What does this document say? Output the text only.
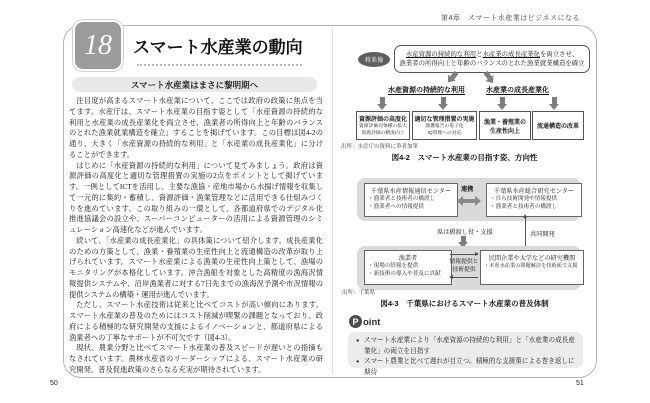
第4章　スマート水産業はビジネスになる
18 スマート水産業の動向
スマート水産業はまさに黎明期へ

注目度が高まるスマート水産業について、ここでは政府の政策に焦点を当てます。水産庁は、スマート水産業の目指す姿として「水産資源の持続的な利用と水産業の成長産業化を両立させ、漁業者の所得向上と年齢のバランスのとれた漁業就業構造を確立」することを掲げています。この目標は図4-2の通り、大きく「水産資源の持続的な利用」と「水産業の成長産業化」に分けることができます。

はじめに「水産資源の持続的な利用」について見てみましょう。政府は資源評価の高度化と適切な管理措置の実施の2点をポイントとして掲げています。一例としてICTを活用し、主要な漁協・産地市場から水揚げ情報を収集して一元的に集約・蓄積し、資源評価・漁業管理などに活用できる仕組みづくりを進めています。この取り組みの一環として、各都道府県でのデジタル化推進協議会の設立や、スーパーコンピューターの活用による資源管理のシミュレーション高速化などが進んでいます。

続いて、「水産業の成長産業化」の具体策について紹介します。成長産業化のための方策として、漁業・養殖業の生産性向上と流通構造の改革が取り上げられています。スマート水産業による漁業の生産性向上策として、漁場のモニタリングが本格化しています。沖合漁船を対象とした高精度の漁海況情報提供システムや、沿岸漁業者に対する7日先までの漁海況予測や市況情報の提供システムの構築・運用が進んでいます。

ただし、スマート水産技術は従来と比べてコストが高い傾向にあります。スマート水産業の普及のためにはコスト削減が喫緊の課題となっており、政府による積極的な研究開発の支援によるイノベーションと、都道府県による漁業者への丁寧なサポートが不可欠です（図4-3）。

現状、農業分野と比べてスマート水産業の普及スピードが遅いとの指摘もなされています。農林水産省のリーダーシップによる、スマート水産業の研究開発、普及促進政策のさらなる充実が期待されています。

50
将来像
水産資源の持続的な利用と水産業の成長産業化を両立させ、
漁業者の所得向上と年齢のバランスのとれた漁業就業構造を確立
水産資源の持続的な利用	水産業の成長産業化
資源評価の高度化
資源評価対象種の拡大
資源評価の精度向上
適切な管理措置の実施
漁獲報告の電子化
IQ管理への対応
漁業・養殖業の生産性向上
流通構造の改革
出所：水産庁の資料に筆者加筆
図4-2　スマート水産業の目指す姿、方向性
千葉県水産情報通信センター
・漁業者と技術者の橋渡し
・漁業者への情報提供
連携	千葉県水産総合研究センター
・自ら技術開発や情報提供
・漁業者と技術者の橋渡し
県は橋渡し役・支援	共同開発
漁業者
・現場の情報を提供
・新技術の導入や普及に貢献
情報提供と
技術提供
民間企業や大学などの研究機関
・本県水産業の問題解決を技術面で支援
出所：千葉県
図4-3　千葉県におけるスマート水産業の普及体制
P oint
● スマート水産業により「水産資源の持続的な利用」と「水産業の成長産業化」の両立を目指す
● スマート農業と比べて遅れが目立つ。積極的な支援策による巻き返しに期待
51
